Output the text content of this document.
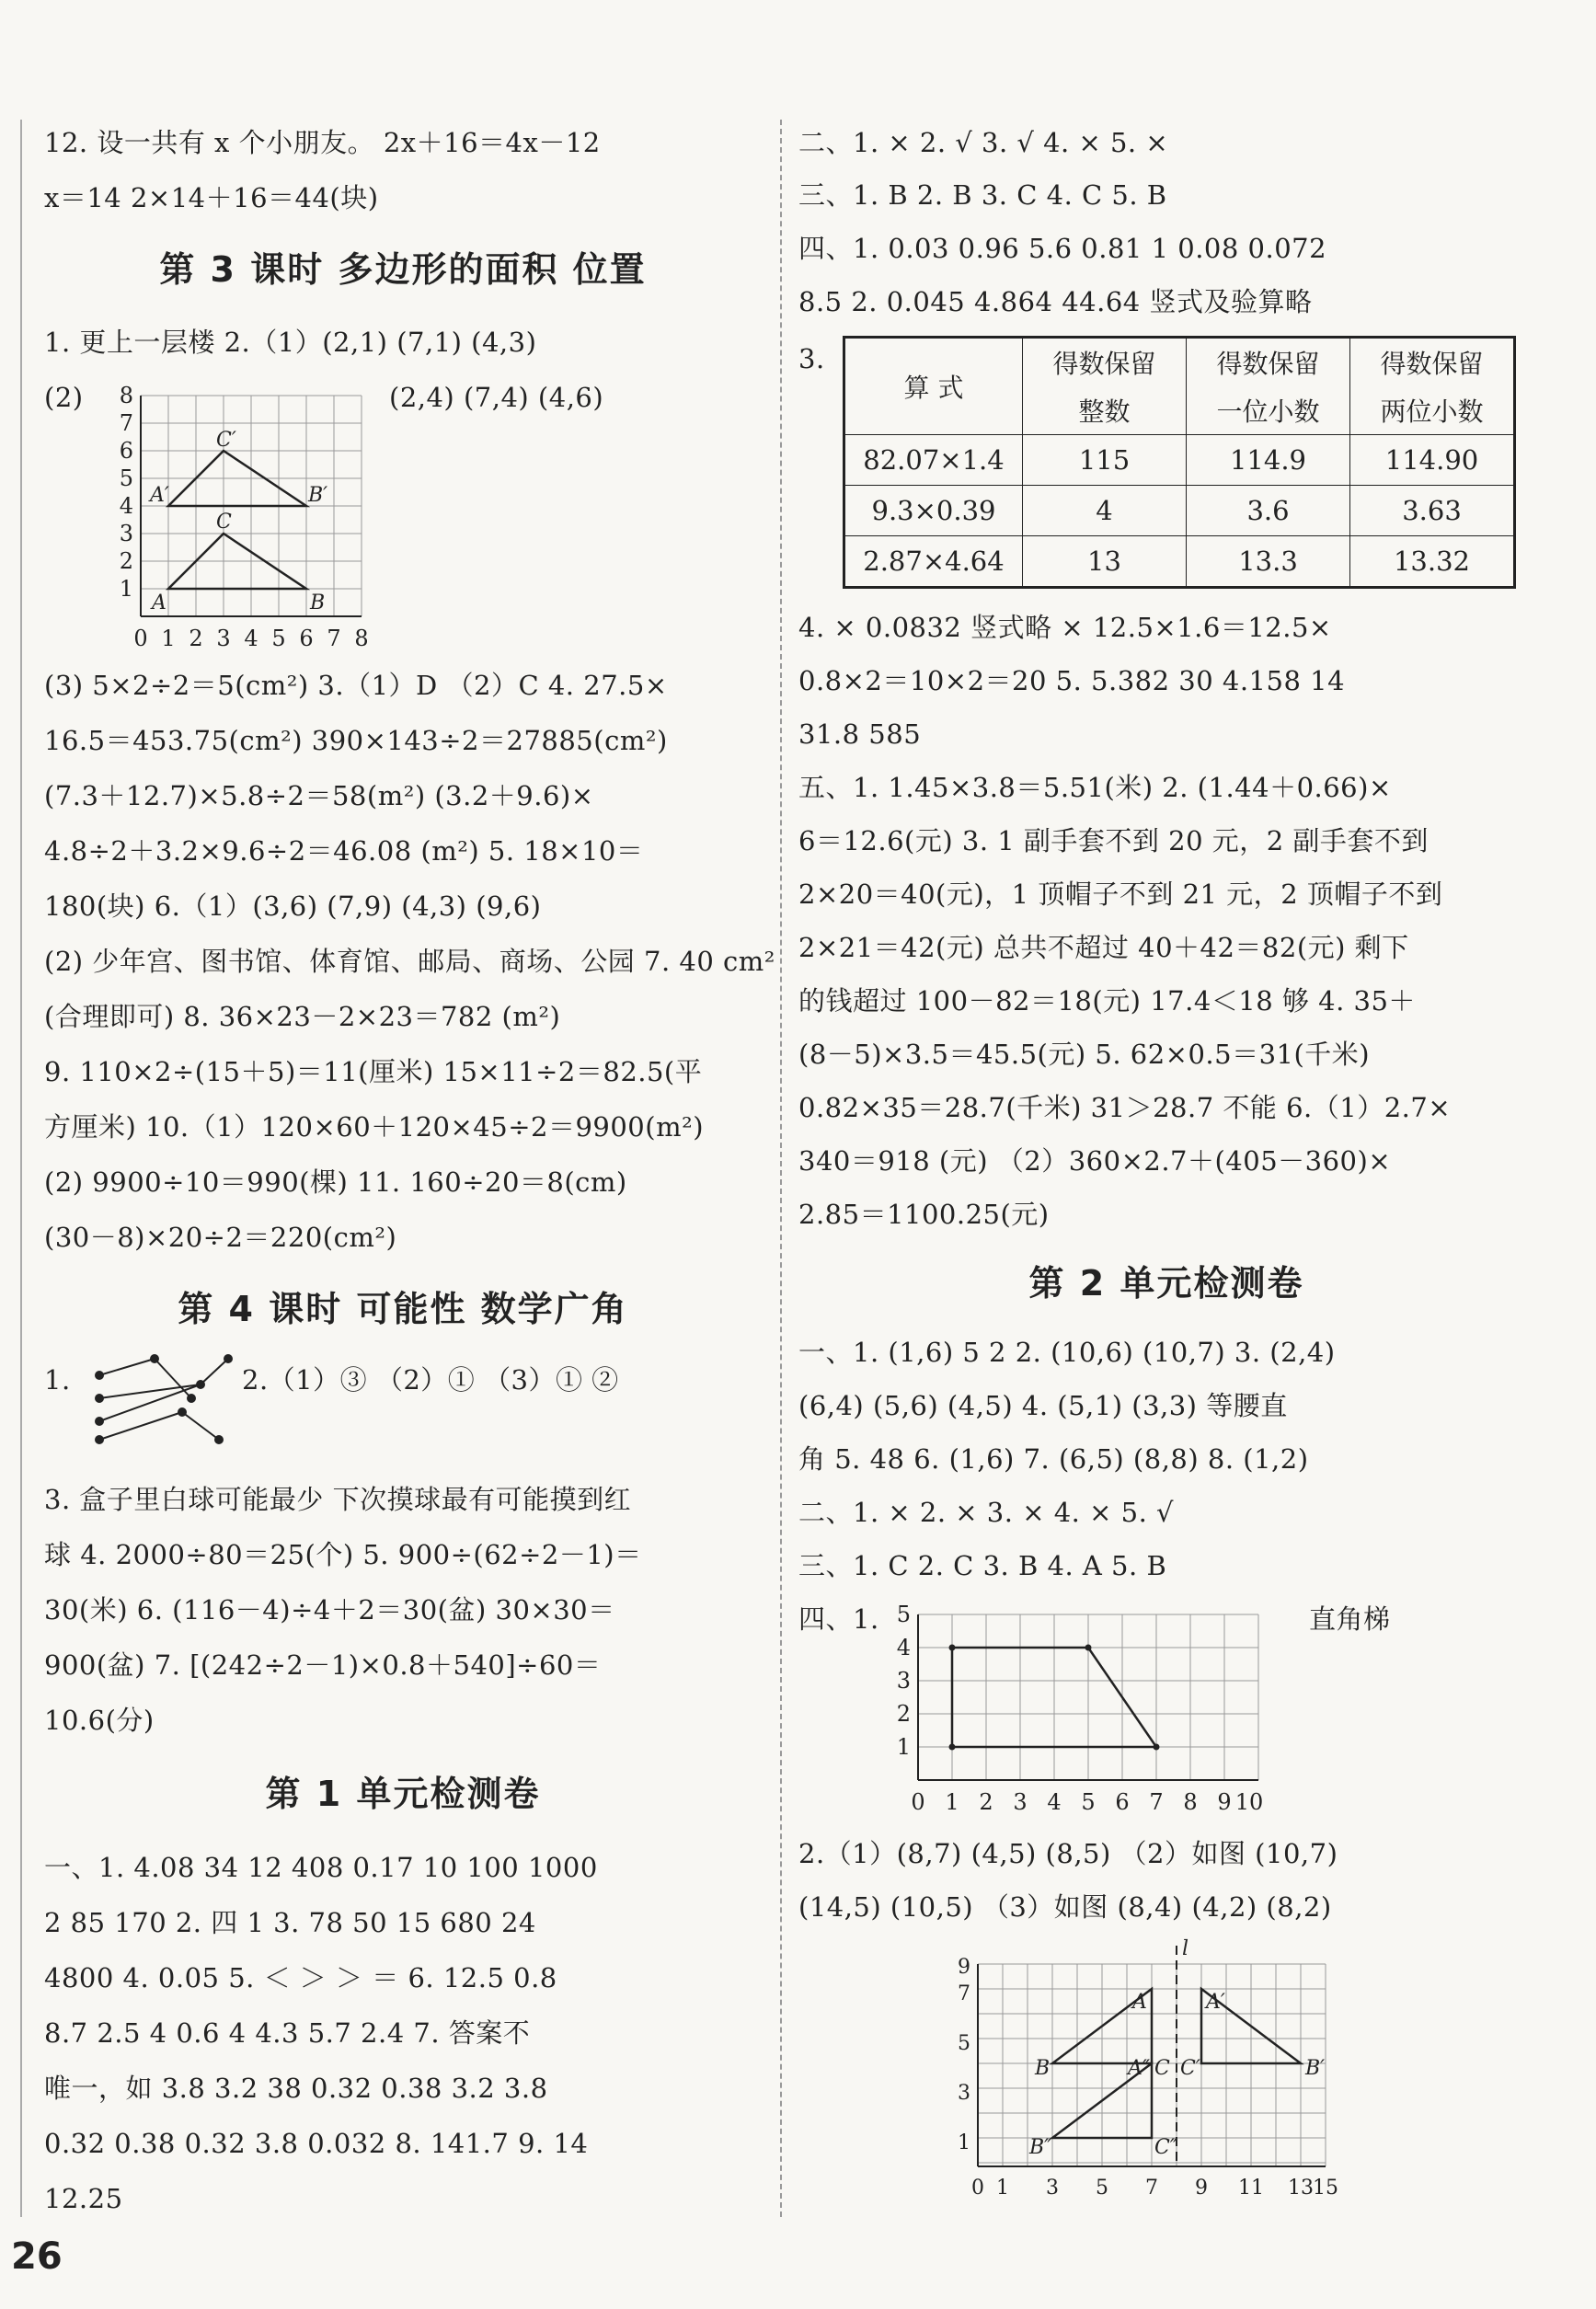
12. 设一共有 x 个小朋友。 2x＋16＝4x－12
x＝14 2×14＋16＝44(块)
第 3 课时 多边形的面积 位置
1. 更上一层楼 2.（1）(2,1) (7,1) (4,3)
(2)	(2,4) (7,4) (4,6)
1
2
3
4
5
6
7
8
0 1 2 3 4 5 6 7 8
A	B
C
A′	B′
C′
(3) 5×2÷2＝5(cm²) 3.（1）D （2）C 4. 27.5×
16.5＝453.75(cm²) 390×143÷2＝27885(cm²)
(7.3＋12.7)×5.8÷2＝58(m²) (3.2＋9.6)×
4.8÷2＋3.2×9.6÷2＝46.08 (m²) 5. 18×10＝
180(块) 6.（1）(3,6) (7,9) (4,3) (9,6)
(2) 少年宫、图书馆、体育馆、邮局、商场、公园 7. 40 cm²
(合理即可) 8. 36×23－2×23＝782 (m²)
9. 110×2÷(15＋5)＝11(厘米) 15×11÷2＝82.5(平
方厘米) 10.（1）120×60＋120×45÷2＝9900(m²)
(2) 9900÷10＝990(棵) 11. 160÷20＝8(cm)
(30－8)×20÷2＝220(cm²)
第 4 课时 可能性 数学广角
1.	2.（1）③ （2）① （3）① ②
3. 盒子里白球可能最少 下次摸球最有可能摸到红
球 4. 2000÷80＝25(个) 5. 900÷(62÷2－1)＝
30(米) 6. (116－4)÷4＋2＝30(盆) 30×30＝
900(盆) 7. [(242÷2－1)×0.8＋540]÷60＝
10.6(分)
第 1 单元检测卷
一、1. 4.08 34 12 408 0.17 10 100 1000
2 85 170 2. 四 1 3. 78 50 15 680 24
4800 4. 0.05 5. ＜ ＞ ＞ ＝ 6. 12.5 0.8
8.7 2.5 4 0.6 4 4.3 5.7 2.4 7. 答案不
唯一，如 3.8 3.2 38 0.32 0.38 3.2 3.8
0.32 0.38 0.32 3.8 0.032 8. 141.7 9. 14
12.25
二、1. × 2. √ 3. √ 4. × 5. ×
三、1. B 2. B 3. C 4. C 5. B
四、1. 0.03 0.96 5.6 0.81 1 0.08 0.072
8.5 2. 0.045 4.864 44.64 竖式及验算略
3.
算 式	得数保留	得数保留	得数保留
	整数	一位小数	两位小数
82.07×1.4	115	114.9	114.90
9.3×0.39	4	3.6	3.63
2.87×4.64	13	13.3	13.32
4. × 0.0832 竖式略 × 12.5×1.6＝12.5×
0.8×2＝10×2＝20 5. 5.382 30 4.158 14
31.8 585
五、1. 1.45×3.8＝5.51(米) 2. (1.44＋0.66)×
6＝12.6(元) 3. 1 副手套不到 20 元，2 副手套不到
2×20＝40(元)，1 顶帽子不到 21 元，2 顶帽子不到
2×21＝42(元) 总共不超过 40＋42＝82(元) 剩下
的钱超过 100－82＝18(元) 17.4＜18 够 4. 35＋
(8－5)×3.5＝45.5(元) 5. 62×0.5＝31(千米)
0.82×35＝28.7(千米) 31＞28.7 不能 6.（1）2.7×
340＝918 (元) （2）360×2.7＋(405－360)×
2.85＝1100.25(元)
第 2 单元检测卷
一、1. (1,6) 5 2 2. (10,6) (10,7) 3. (2,4)
(6,4) (5,6) (4,5) 4. (5,1) (3,3) 等腰直
角 5. 48 6. (1,6) 7. (6,5) (8,8) 8. (1,2)
二、1. × 2. × 3. × 4. × 5. √
三、1. C 2. C 3. B 4. A 5. B
四、1.	直角梯
1
2
3
4
5
0 1 2 3 4 5 6 7 8 9 10
2.（1）(8,7) (4,5) (8,5) （2）如图 (10,7)
(14,5) (10,5) （3）如图 (8,4) (4,2) (8,2)
1
3
5
7
9
0 1 3 5 7 9 11 13 15
l
A	A′
B	B′
A″ C C′
B″	C″
26
